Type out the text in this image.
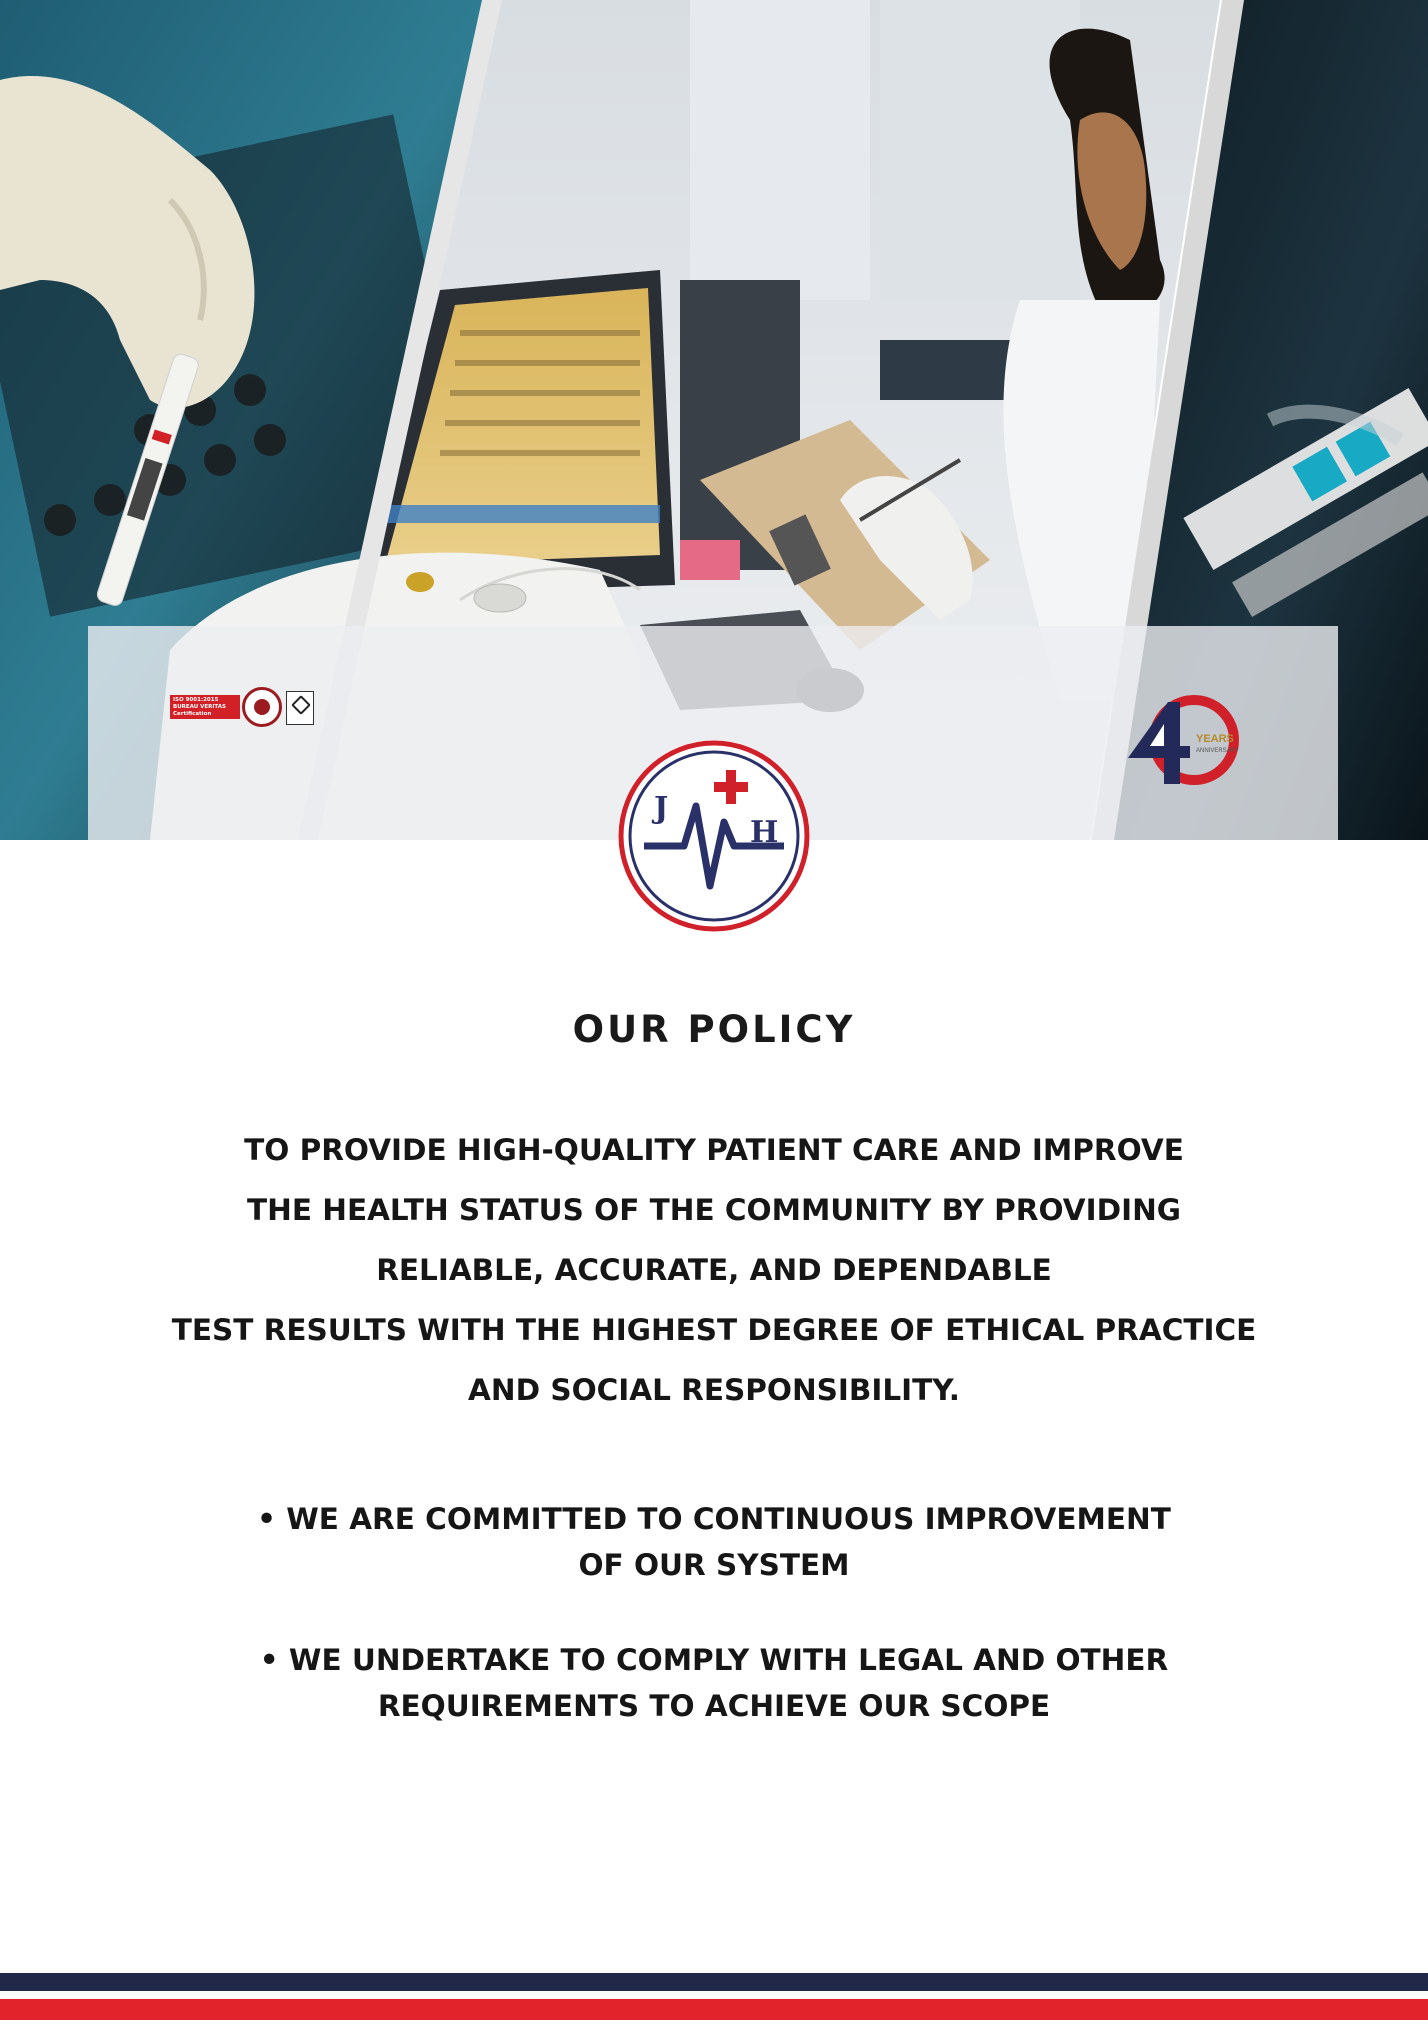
ISO 9001:2015
BUREAU VERITAS
Certification
YEARS
ANNIVERSARY
J
H
OUR POLICY
TO PROVIDE HIGH-QUALITY PATIENT CARE AND IMPROVE
THE HEALTH STATUS OF THE COMMUNITY BY PROVIDING
RELIABLE, ACCURATE, AND DEPENDABLE
TEST RESULTS WITH THE HIGHEST DEGREE OF ETHICAL PRACTICE
AND SOCIAL RESPONSIBILITY.
• WE ARE COMMITTED TO CONTINUOUS IMPROVEMENT
OF OUR SYSTEM
• WE UNDERTAKE TO COMPLY WITH LEGAL AND OTHER
REQUIREMENTS TO ACHIEVE OUR SCOPE
